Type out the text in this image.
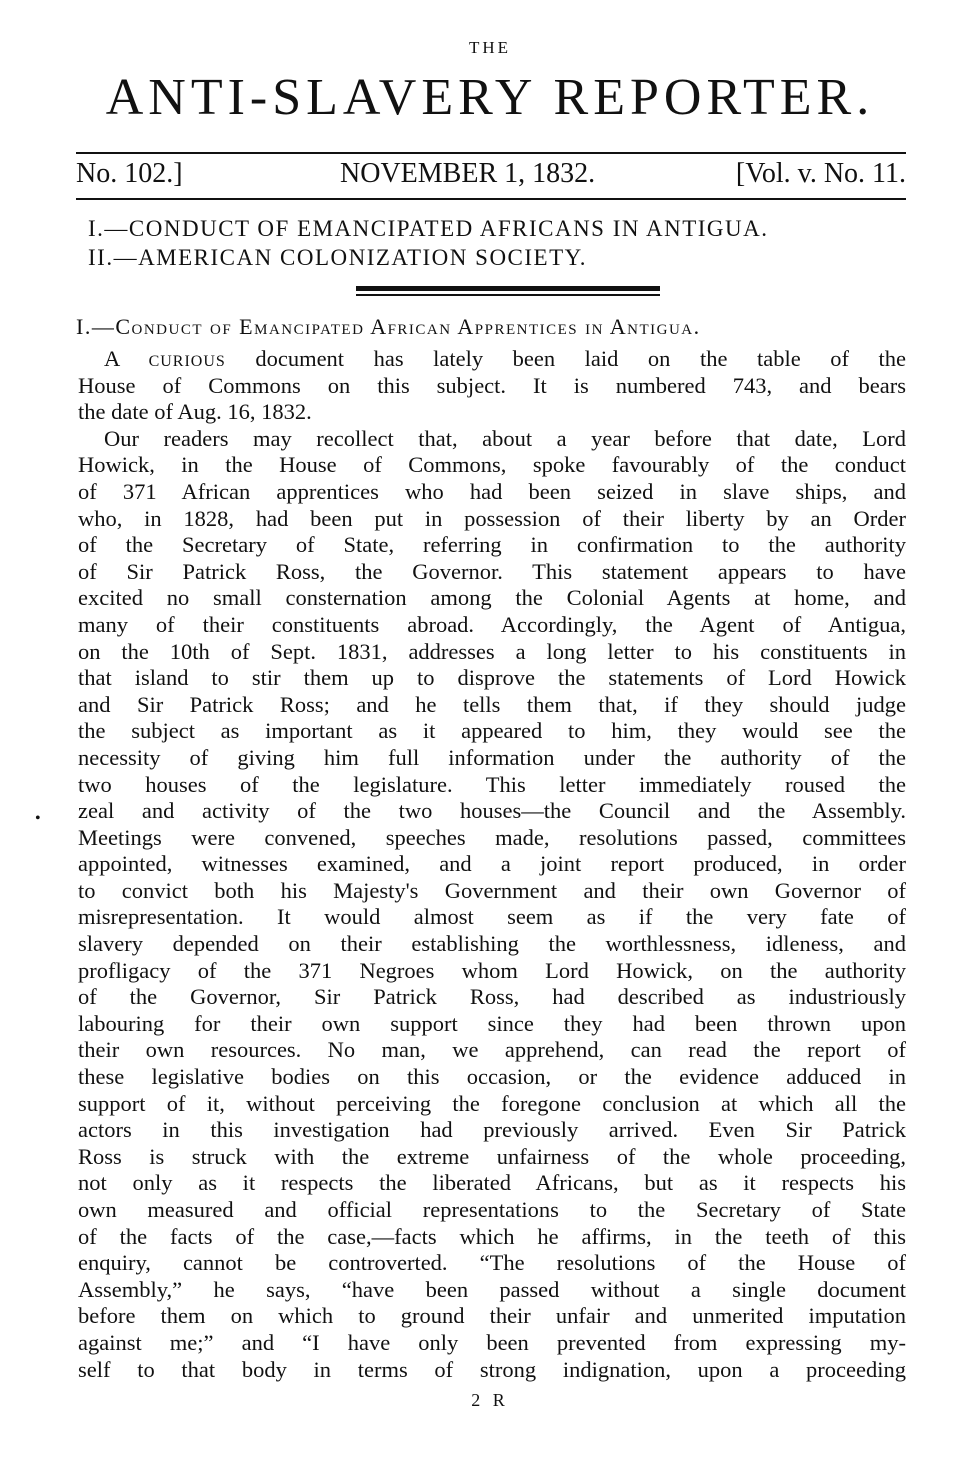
THE
ANTI-SLAVERY REPORTER.
No. 102.]	NOVEMBER 1, 1832.	[Vol. v. No. 11.
I.—CONDUCT OF EMANCIPATED AFRICANS IN ANTIGUA.
II.—AMERICAN COLONIZATION SOCIETY.
I.—Conduct of Emancipated African Apprentices in Antigua.
A curious document has lately been laid on the table of the
House of Commons on this subject. It is numbered 743, and bears
the date of Aug. 16, 1832.
Our readers may recollect that, about a year before that date, Lord
Howick, in the House of Commons, spoke favourably of the conduct
of 371 African apprentices who had been seized in slave ships, and
who, in 1828, had been put in possession of their liberty by an Order
of the Secretary of State, referring in confirmation to the authority
of Sir Patrick Ross, the Governor. This statement appears to have
excited no small consternation among the Colonial Agents at home, and
many of their constituents abroad. Accordingly, the Agent of Antigua,
on the 10th of Sept. 1831, addresses a long letter to his constituents in
that island to stir them up to disprove the statements of Lord Howick
and Sir Patrick Ross; and he tells them that, if they should judge
the subject as important as it appeared to him, they would see the
necessity of giving him full information under the authority of the
two houses of the legislature. This letter immediately roused the
zeal and activity of the two houses—the Council and the Assembly.
Meetings were convened, speeches made, resolutions passed, committees
appointed, witnesses examined, and a joint report produced, in order
to convict both his Majesty's Government and their own Governor of
misrepresentation. It would almost seem as if the very fate of
slavery depended on their establishing the worthlessness, idleness, and
profligacy of the 371 Negroes whom Lord Howick, on the authority
of the Governor, Sir Patrick Ross, had described as industriously
labouring for their own support since they had been thrown upon
their own resources. No man, we apprehend, can read the report of
these legislative bodies on this occasion, or the evidence adduced in
support of it, without perceiving the foregone conclusion at which all the
actors in this investigation had previously arrived. Even Sir Patrick
Ross is struck with the extreme unfairness of the whole proceeding,
not only as it respects the liberated Africans, but as it respects his
own measured and official representations to the Secretary of State
of the facts of the case,—facts which he affirms, in the teeth of this
enquiry, cannot be controverted. “The resolutions of the House of
Assembly,” he says, “have been passed without a single document
before them on which to ground their unfair and unmerited imputation
against me;” and “I have only been prevented from expressing my-
self to that body in terms of strong indignation, upon a proceeding
•
2 R
